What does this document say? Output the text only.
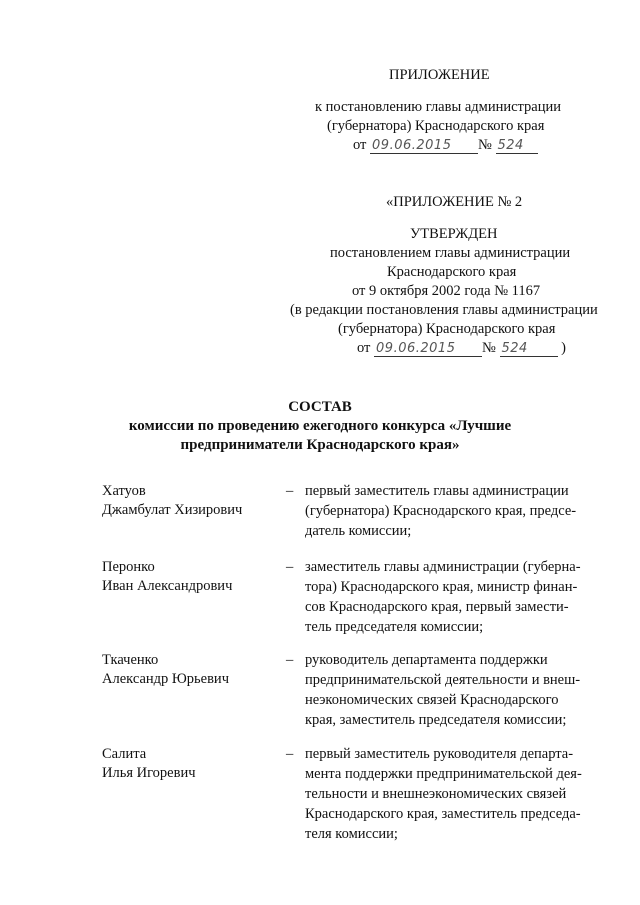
ПРИЛОЖЕНИЕ
к постановлению главы администрации
(губернатора) Краснодарского края
от 09.06.2015 № 524
«ПРИЛОЖЕНИЕ № 2
УТВЕРЖДЕН
постановлением главы администрации
Краснодарского края
от 9 октября 2002 года № 1167
(в редакции постановления главы администрации
(губернатора) Краснодарского края
от 09.06.2015 № 524 )
СОСТАВ
комиссии по проведению ежегодного конкурса «Лучшие
предприниматели Краснодарского края»
Хатуов
Джамбулат Хизирович
– первый заместитель главы администрации
(губернатора) Краснодарского края, предсе-
датель комиссии;
Перонко
Иван Александрович
– заместитель главы администрации (губерна-
тора) Краснодарского края, министр финан-
сов Краснодарского края, первый замести-
тель председателя комиссии;
Ткаченко
Александр Юрьевич
– руководитель департамента поддержки
предпринимательской деятельности и внеш-
неэкономических связей Краснодарского
края, заместитель председателя комиссии;
Салита
Илья Игоревич
– первый заместитель руководителя департа-
мента поддержки предпринимательской дея-
тельности и внешнеэкономических связей
Краснодарского края, заместитель председа-
теля комиссии;
